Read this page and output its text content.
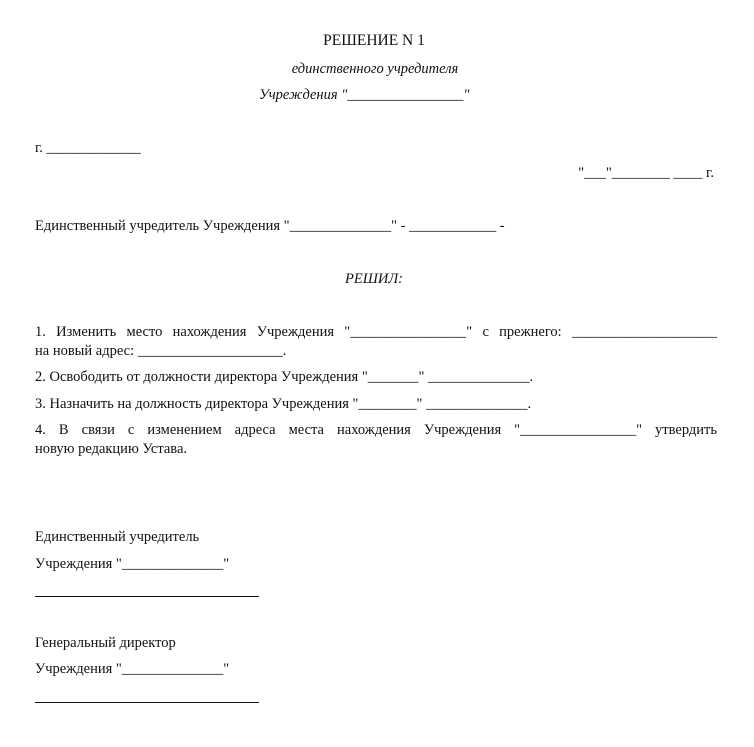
РЕШЕНИЕ N 1
единственного учредителя
Учреждения "________________"
г. _____________
"___"________ ____ г.
Единственный учредитель Учреждения "______________" - ____________ -
РЕШИЛ:
1. Изменить место нахождения Учреждения "________________" с прежнего: ____________________
на новый адрес: ____________________.
2. Освободить от должности директора Учреждения "_______" ______________.
3. Назначить на должность директора Учреждения "________" ______________.
4. В связи с изменением адреса места нахождения Учреждения "________________" утвердить
новую редакцию Устава.
Единственный учредитель
Учреждения "______________"
Генеральный директор
Учреждения "______________"
